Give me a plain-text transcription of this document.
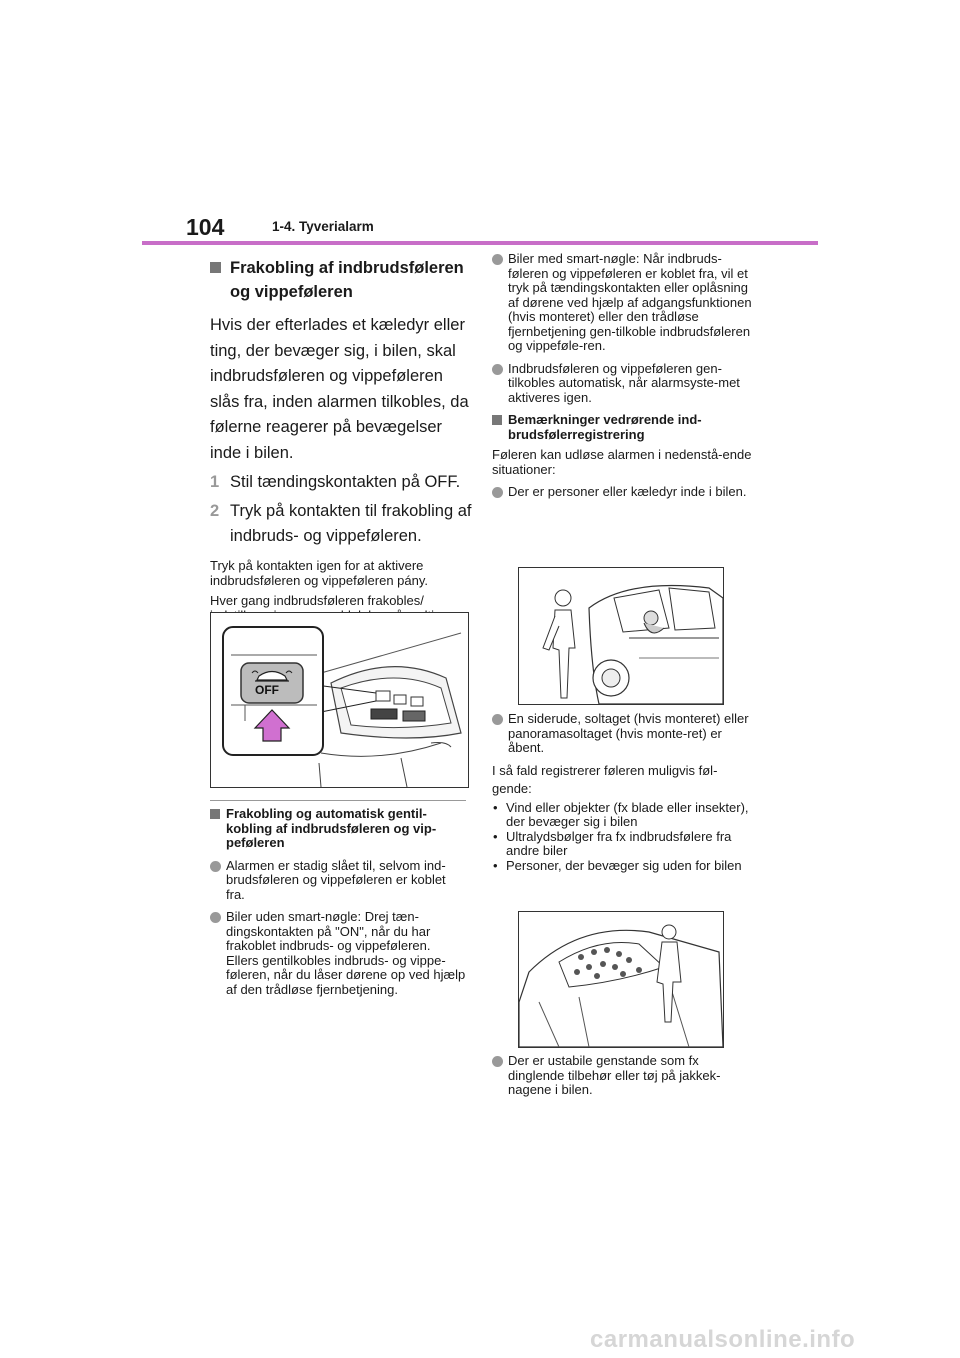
104	1-4. Tyverialarm
Frakobling af indbrudsføleren og vippeføleren
Hvis der efterlades et kæledyr eller ting, der bevæger sig, i bilen, skal indbrudsføleren og vippeføleren slås fra, inden alarmen tilkobles, da følerne reagerer på bevægelser inde i bilen.
1 Stil tændingskontakten på OFF.
2 Tryk på kontakten til frakobling af indbruds- og vippeføleren.
Tryk på kontakten igen for at aktivere indbrudsføleren og vippeføleren pány.
Hver gang indbrudsføleren frakobles/
OFF
Frakobling og automatisk gentil-kobling af indbrudsføleren og vip-peføleren
Alarmen er stadig slået til, selvom ind-brudsføleren og vippeføleren er koblet fra.
Biler uden smart-nøgle: Drej tæn-dingskontakten på "ON", når du har frakoblet indbruds- og vippeføleren. Ellers gentilkobles indbruds- og vippe-føleren, når du låser dørene op ved hjælp af den trådløse fjernbetjening.
Biler med smart-nøgle: Når indbruds-føleren og vippeføleren er koblet fra, vil et tryk på tændingskontakten eller oplåsning af dørene ved hjælp af adgangsfunktionen (hvis monteret) eller den trådløse fjernbetjening gen-tilkoble indbrudsføleren og vippeføle-ren.
Indbrudsføleren og vippeføleren gen-tilkobles automatisk, når alarmsyste-met aktiveres igen.
Bemærkninger vedrørende ind-brudsfølerregistrering
Føleren kan udløse alarmen i nedenstå-ende situationer:
Der er personer eller kæledyr inde i bilen.
En siderude, soltaget (hvis monteret) eller panoramasoltaget (hvis monte-ret) er åbent.
I så fald registrerer føleren muligvis føl-
gende:
• Vind eller objekter (fx blade eller insekter), der bevæger sig i bilen
• Ultralydsbølger fra fx indbrudsfølere fra andre biler
• Personer, der bevæger sig uden for bilen
Der er ustabile genstande som fx dinglende tilbehør eller tøj på jakkek-nagene i bilen.
carmanualsonline.info
